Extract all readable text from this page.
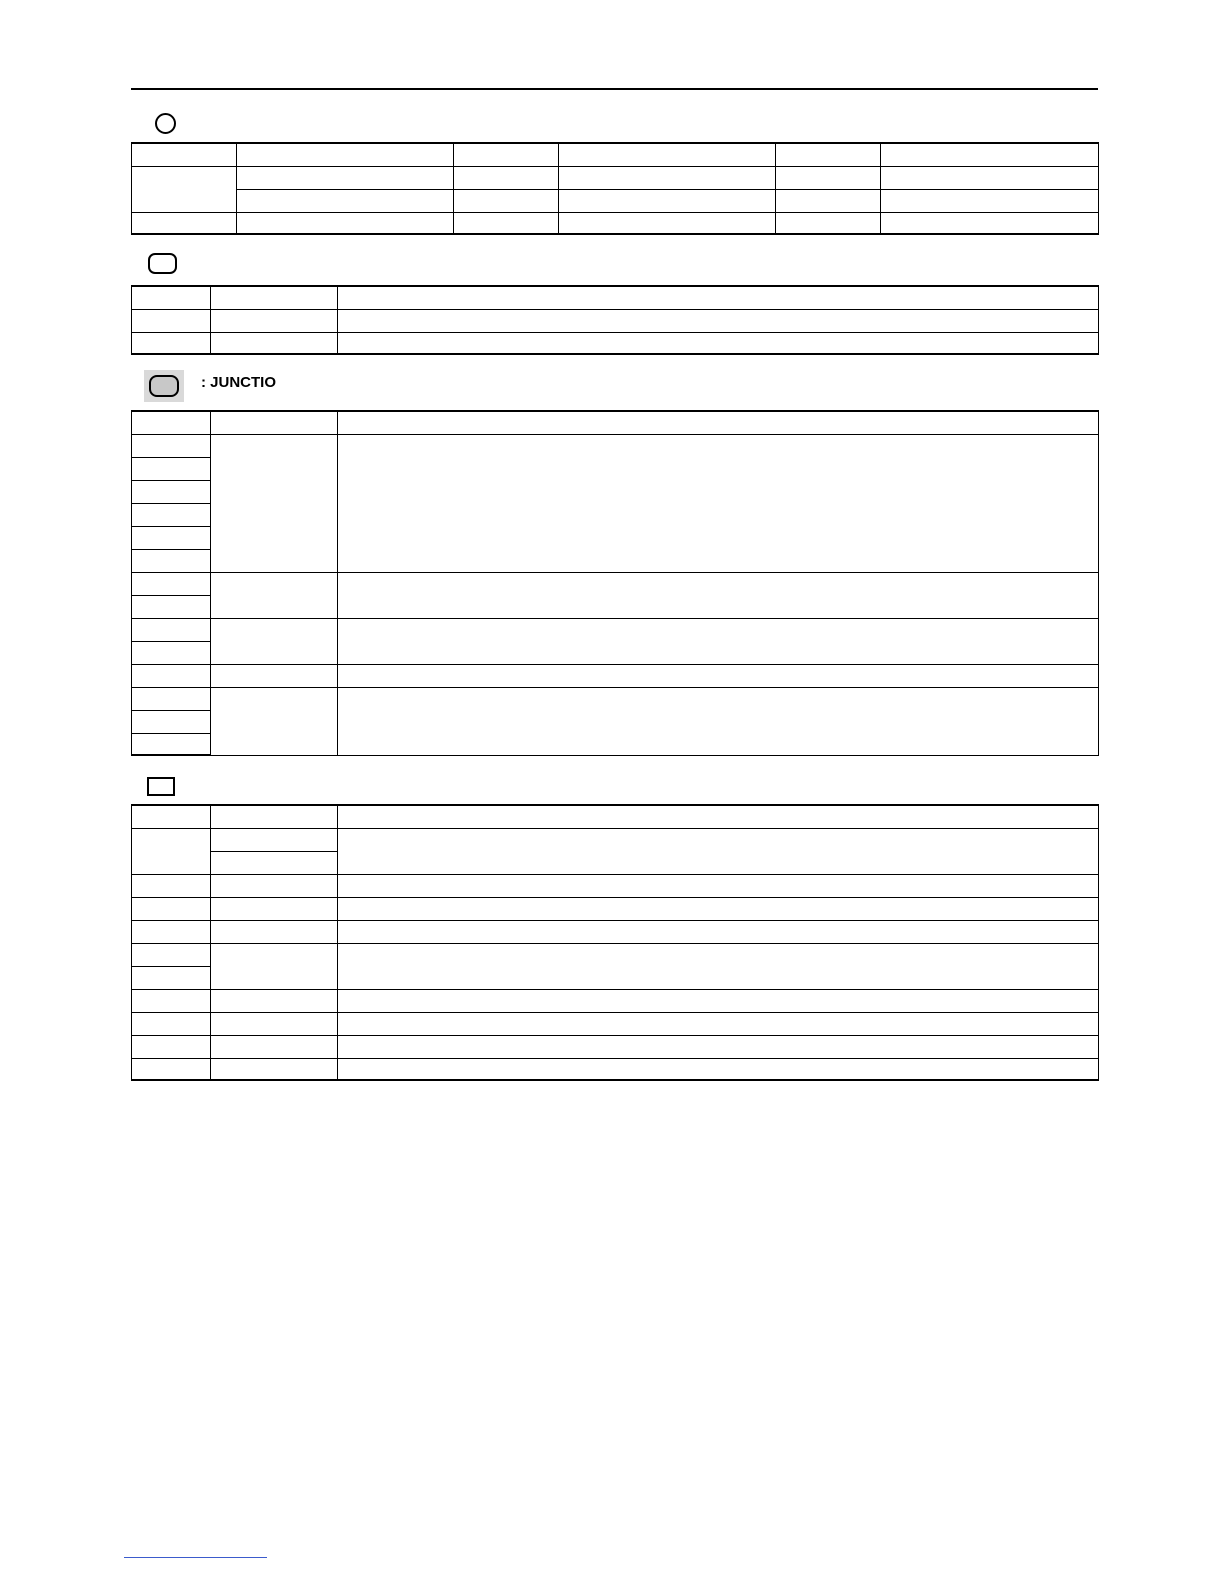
: JUNCTIO
